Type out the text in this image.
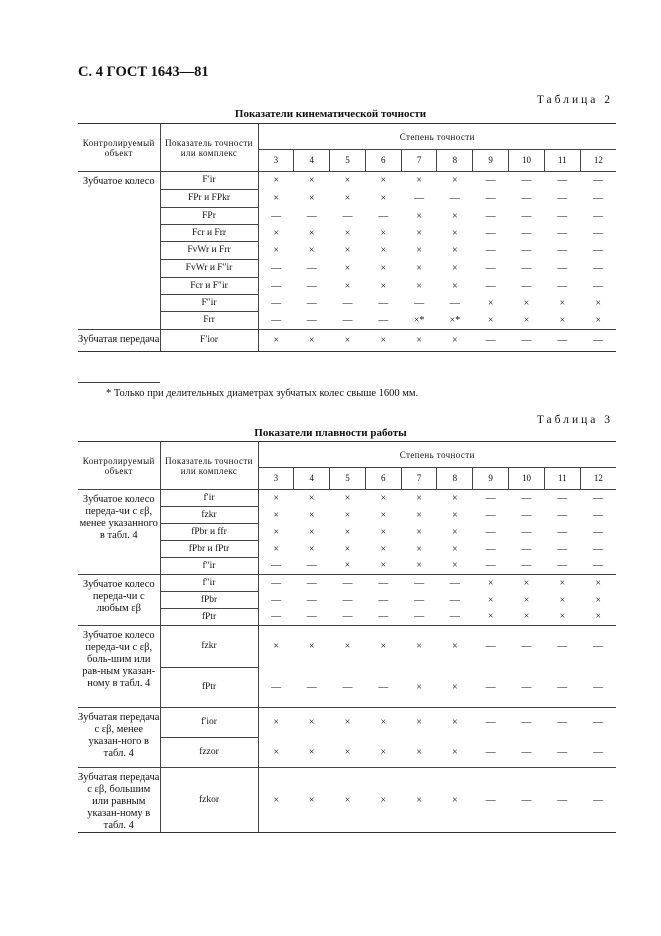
С. 4 ГОСТ 1643—81
Таблица 2
Показатели кинематической точности
Контролируемый объект	Показатель точности или комплекс	Степень точности									
		3	4	5	6	7	8	9	10	11	12
Зубчатое колесо	F′ir	×	×	×	×	×	×	—	—	—	—
	FPr и FPkr	×	×	×	×	—	—	—	—	—	—
	FPr	—	—	—	—	×	×	—	—	—	—
	Fcr и Frr	×	×	×	×	×	×	—	—	—	—
	FvWr и Frr	×	×	×	×	×	×	—	—	—	—
	FvWr и F″ir	—	—	×	×	×	×	—	—	—	—
	Fcr и F″ir	—	—	×	×	×	×	—	—	—	—
	F″ir	—	—	—	—	—	—	×	×	×	×
	Frr	—	—	—	—	×*	×*	×	×	×	×
Зубчатая передача	F′ior	×	×	×	×	×	×	—	—	—	—
* Только при делительных диаметрах зубчатых колес свыше 1600 мм.
Таблица 3
Показатели плавности работы
Контролируемый объект	Показатель точности или комплекс	Степень точности									
		3	4	5	6	7	8	9	10	11	12
Зубчатое колесо переда-чи с εβ, менее указанного в табл. 4	f′ir	×	×	×	×	×	×	—	—	—	—
	fzkr	×	×	×	×	×	×	—	—	—	—
	fPbr и ffr	×	×	×	×	×	×	—	—	—	—
	fPbr и fPtr	×	×	×	×	×	×	—	—	—	—
	f″ir	—	—	×	×	×	×	—	—	—	—
Зубчатое колесо переда-чи с любым εβ	f″ir	—	—	—	—	—	—	×	×	×	×
	fPbr	—	—	—	—	—	—	×	×	×	×
	fPtr	—	—	—	—	—	—	×	×	×	×
Зубчатое колесо переда-чи с εβ, боль-шим или рав-ным указан-ному в табл. 4	fzkr	×	×	×	×	×	×	—	—	—	—
	fPtr	—	—	—	—	×	×	—	—	—	—
Зубчатая передача с εβ, менее указан-ного в табл. 4	f′ior	×	×	×	×	×	×	—	—	—	—
	fzzor	×	×	×	×	×	×	—	—	—	—
Зубчатая передача с εβ, большим или равным указан-ному в табл. 4	fzkor	×	×	×	×	×	×	—	—	—	—
